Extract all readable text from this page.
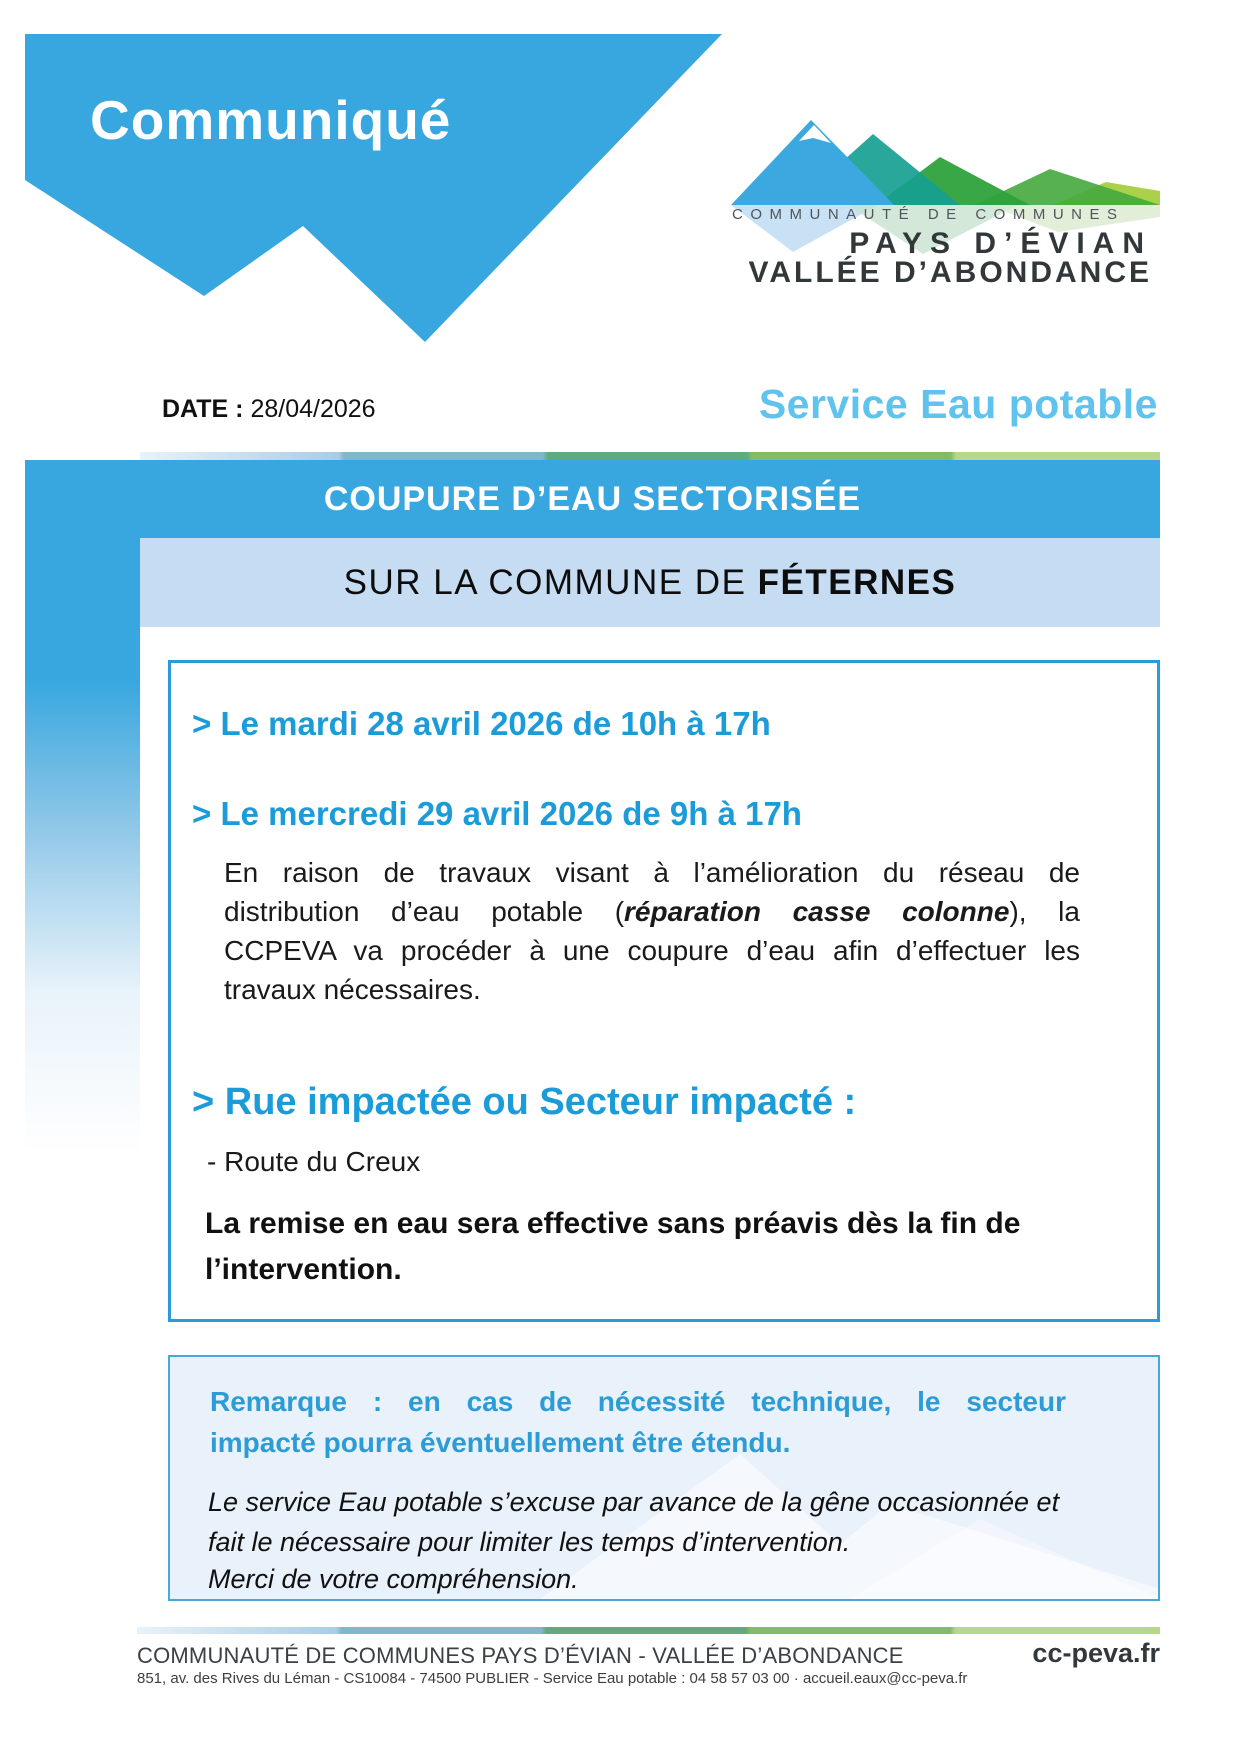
Communiqué
COMMUNAUTÉ DE COMMUNES
PAYS D’ÉVIAN
VALLÉE D’ABONDANCE
DATE : 28/04/2026	Service Eau potable
COUPURE D’EAU SECTORISÉE
SUR LA COMMUNE DE FÉTERNES
> Le mardi 28 avril 2026 de 10h à 17h
> Le mercredi 29 avril 2026 de 9h à 17h
En raison de travaux visant à l’amélioration du réseau de
distribution d’eau potable (réparation casse colonne), la
CCPEVA va procéder à une coupure d’eau afin d’effectuer les
travaux nécessaires.
> Rue impactée ou Secteur impacté :
- Route du Creux
La remise en eau sera effective sans préavis dès la fin de l’intervention.
Remarque : en cas de nécessité technique, le secteur
impacté pourra éventuellement être étendu.
Le service Eau potable s’excuse par avance de la gêne occasionnée et fait le nécessaire pour limiter les temps d’intervention.
Merci de votre compréhension.
COMMUNAUTÉ DE COMMUNES PAYS D’ÉVIAN - VALLÉE D’ABONDANCE
851, av. des Rives du Léman - CS10084 - 74500 PUBLIER - Service Eau potable : 04 58 57 03 00 · accueil.eaux@cc-peva.fr
cc-peva.fr
